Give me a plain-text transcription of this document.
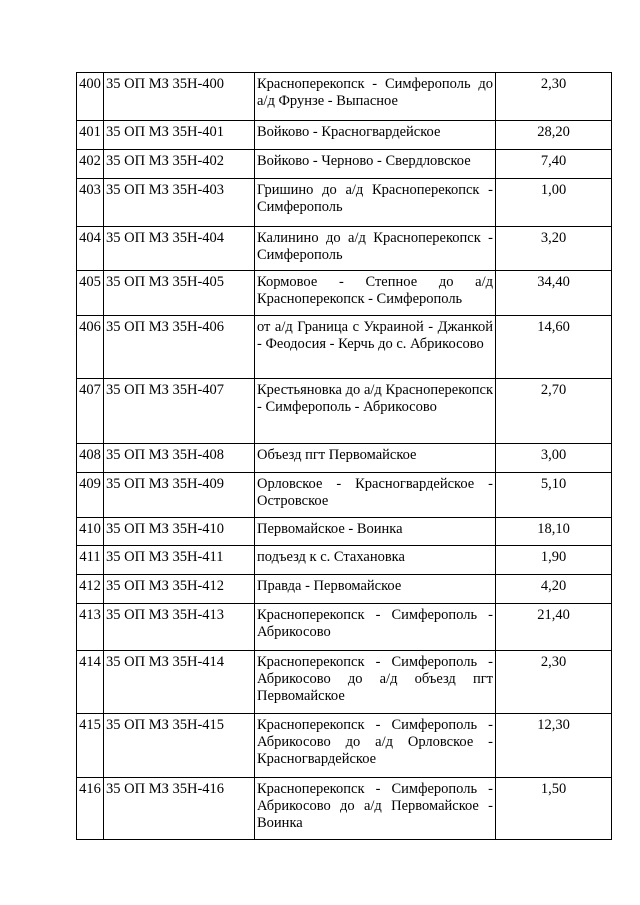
400	35 ОП МЗ 35Н-400	Красноперекопск - Симферополь до а/д Фрунзе - Выпасное	2,30
401	35 ОП МЗ 35Н-401	Войково - Красногвардейское	28,20
402	35 ОП МЗ 35Н-402	Войково - Черново - Свердловское	7,40
403	35 ОП МЗ 35Н-403	Гришино до а/д Красноперекопск - Симферополь	1,00
404	35 ОП МЗ 35Н-404	Калинино до а/д Красноперекопск - Симферополь	3,20
405	35 ОП МЗ 35Н-405	Кормовое - Степное до а/д Красноперекопск - Симферополь	34,40
406	35 ОП МЗ 35Н-406	от а/д Граница с Украиной - Джанкой - Феодосия - Керчь до с. Абрикосово	14,60
407	35 ОП МЗ 35Н-407	Крестьяновка до а/д Красноперекопск - Симферополь - Абрикосово	2,70
408	35 ОП МЗ 35Н-408	Объезд пгт Первомайское	3,00
409	35 ОП МЗ 35Н-409	Орловское - Красногвардейское - Островское	5,10
410	35 ОП МЗ 35Н-410	Первомайское - Воинка	18,10
411	35 ОП МЗ 35Н-411	подъезд к с. Стахановка	1,90
412	35 ОП МЗ 35Н-412	Правда - Первомайское	4,20
413	35 ОП МЗ 35Н-413	Красноперекопск - Симферополь - Абрикосово	21,40
414	35 ОП МЗ 35Н-414	Красноперекопск - Симферополь - Абрикосово до а/д объезд пгт Первомайское	2,30
415	35 ОП МЗ 35Н-415	Красноперекопск - Симферополь - Абрикосово до а/д Орловское - Красногвардейское	12,30
416	35 ОП МЗ 35Н-416	Красноперекопск - Симферополь - Абрикосово до а/д Первомайское - Воинка	1,50
